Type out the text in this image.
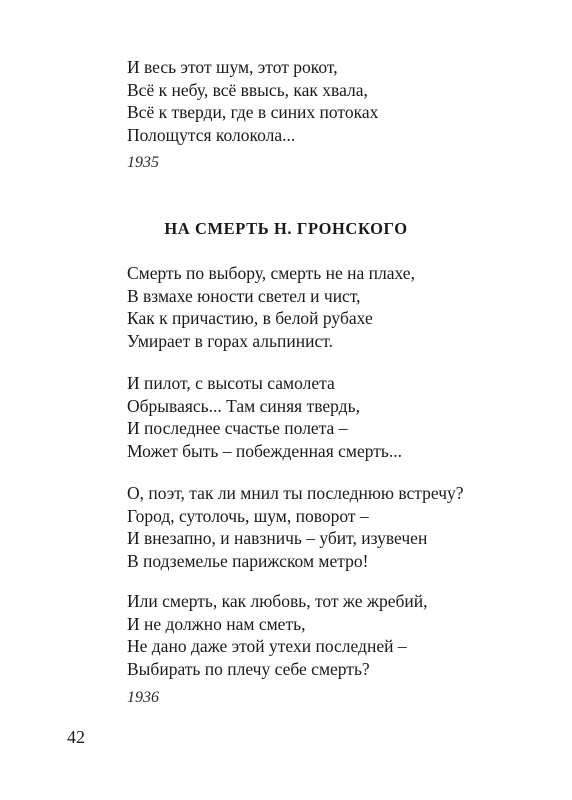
И весь этот шум, этот рокот,
Всё к небу, всё ввысь, как хвала,
Всё к тверди, где в синих потоках
Полощутся колокола...
1935
НА СМЕРТЬ Н. ГРОНСКОГО
Смерть по выбору, смерть не на плахе,
В взмахе юности светел и чист,
Как к причастию, в белой рубахе
Умирает в горах альпинист.
И пилот, с высоты самолета
Обрываясь... Там синяя твердь,
И последнее счастье полета –
Может быть – побежденная смерть...
О, поэт, так ли мнил ты последнюю встречу?
Город, сутолочь, шум, поворот –
И внезапно, и навзничь – убит, изувечен
В подземелье парижском метро!
Или смерть, как любовь, тот же жребий,
И не должно нам сметь,
Не дано даже этой утехи последней –
Выбирать по плечу себе смерть?
1936
42
